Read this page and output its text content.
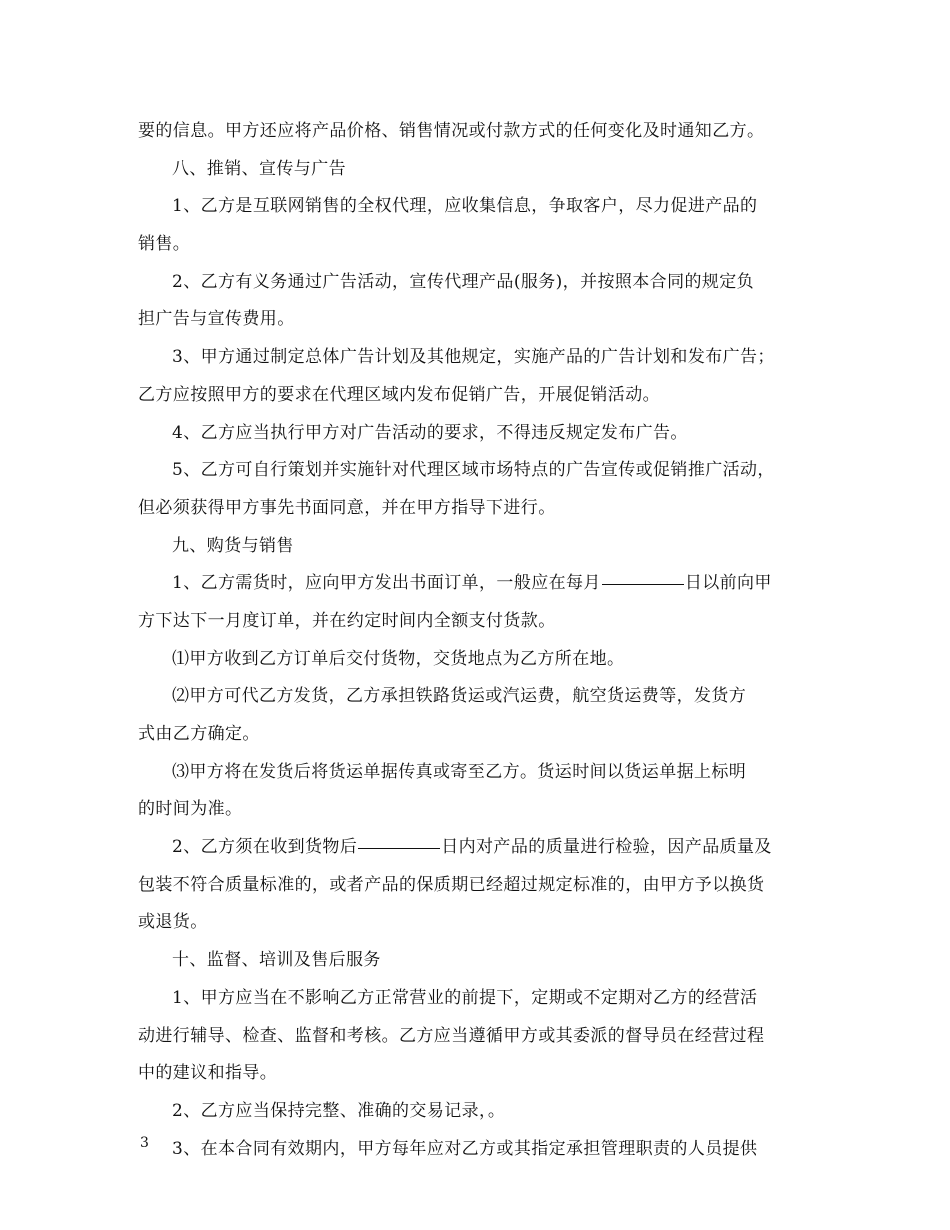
要的信息。甲方还应将产品价格、销售情况或付款方式的任何变化及时通知乙方。
八、推销、宣传与广告
1、乙方是互联网销售的全权代理，应收集信息，争取客户，尽力促进产品的
销售。
2、乙方有义务通过广告活动，宣传代理产品(服务)，并按照本合同的规定负
担广告与宣传费用。
3、甲方通过制定总体广告计划及其他规定，实施产品的广告计划和发布广告；
乙方应按照甲方的要求在代理区域内发布促销广告，开展促销活动。
4、乙方应当执行甲方对广告活动的要求，不得违反规定发布广告。
5、乙方可自行策划并实施针对代理区域市场特点的广告宣传或促销推广活动，
但必须获得甲方事先书面同意，并在甲方指导下进行。
九、购货与销售
1、乙方需货时，应向甲方发出书面订单，一般应在每月	日以前向甲
方下达下一月度订单，并在约定时间内全额支付货款。
⑴甲方收到乙方订单后交付货物，交货地点为乙方所在地。
⑵甲方可代乙方发货，乙方承担铁路货运或汽运费，航空货运费等，发货方
式由乙方确定。
⑶甲方将在发货后将货运单据传真或寄至乙方。货运时间以货运单据上标明
的时间为准。
2、乙方须在收到货物后	日内对产品的质量进行检验，因产品质量及
包装不符合质量标准的，或者产品的保质期已经超过规定标准的，由甲方予以换货
或退货。
十、监督、培训及售后服务
1、甲方应当在不影响乙方正常营业的前提下，定期或不定期对乙方的经营活
动进行辅导、检查、监督和考核。乙方应当遵循甲方或其委派的督导员在经营过程
中的建议和指导。
2、乙方应当保持完整、准确的交易记录，。
3、在本合同有效期内，甲方每年应对乙方或其指定承担管理职责的人员提供
3
